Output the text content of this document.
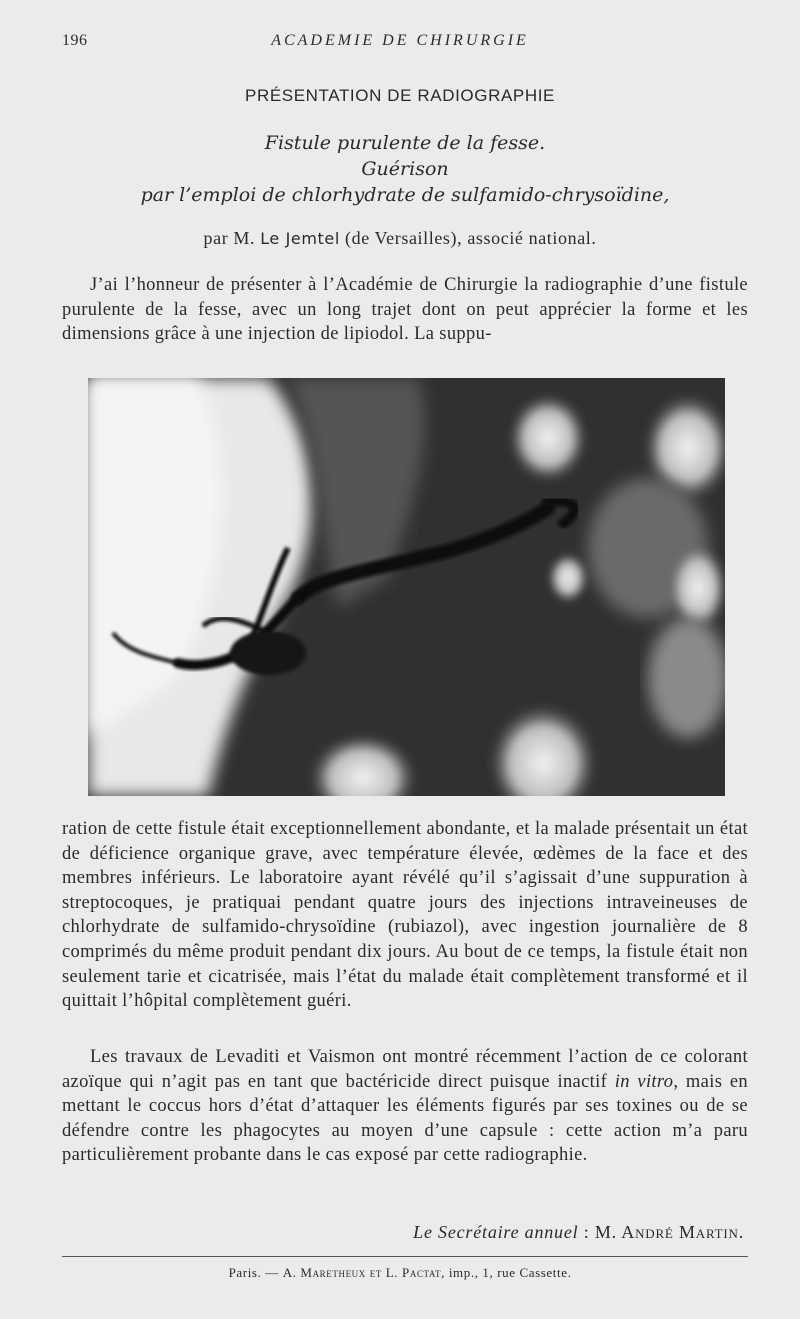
196	ACADEMIE DE CHIRURGIE
PRÉSENTATION DE RADIOGRAPHIE
Fistule purulente de la fesse.
Guérison
par l’emploi de chlorhydrate de sulfamido-chrysoïdine,
par M. Le Jemtel (de Versailles), associé national.

J’ai l’honneur de présenter à l’Académie de Chirurgie la radiographie d’une fistule purulente de la fesse, avec un long trajet dont on peut apprécier la forme et les dimensions grâce à une injection de lipiodol. La suppu-

ration de cette fistule était exceptionnellement abondante, et la malade présentait un état de déficience organique grave, avec température élevée, œdèmes de la face et des membres inférieurs. Le laboratoire ayant révélé qu’il s’agissait d’une suppuration à streptocoques, je pratiquai pendant quatre jours des injections intraveineuses de chlorhydrate de sulfamido-chrysoïdine (rubiazol), avec ingestion journalière de 8 comprimés du même produit pendant dix jours. Au bout de ce temps, la fistule était non seulement tarie et cicatrisée, mais l’état du malade était complètement transformé et il quittait l’hôpital complètement guéri.

Les travaux de Levaditi et Vaismon ont montré récemment l’action de ce colorant azoïque qui n’agit pas en tant que bactéricide direct puisque inactif in vitro, mais en mettant le coccus hors d’état d’attaquer les éléments figurés par ses toxines ou de se défendre contre les phagocytes au moyen d’une capsule : cette action m’a paru particulièrement probante dans le cas exposé par cette radiographie.

Le Secrétaire annuel : M. André Martin.
Paris. — A. Maretheux et L. Pactat, imp., 1, rue Cassette.
